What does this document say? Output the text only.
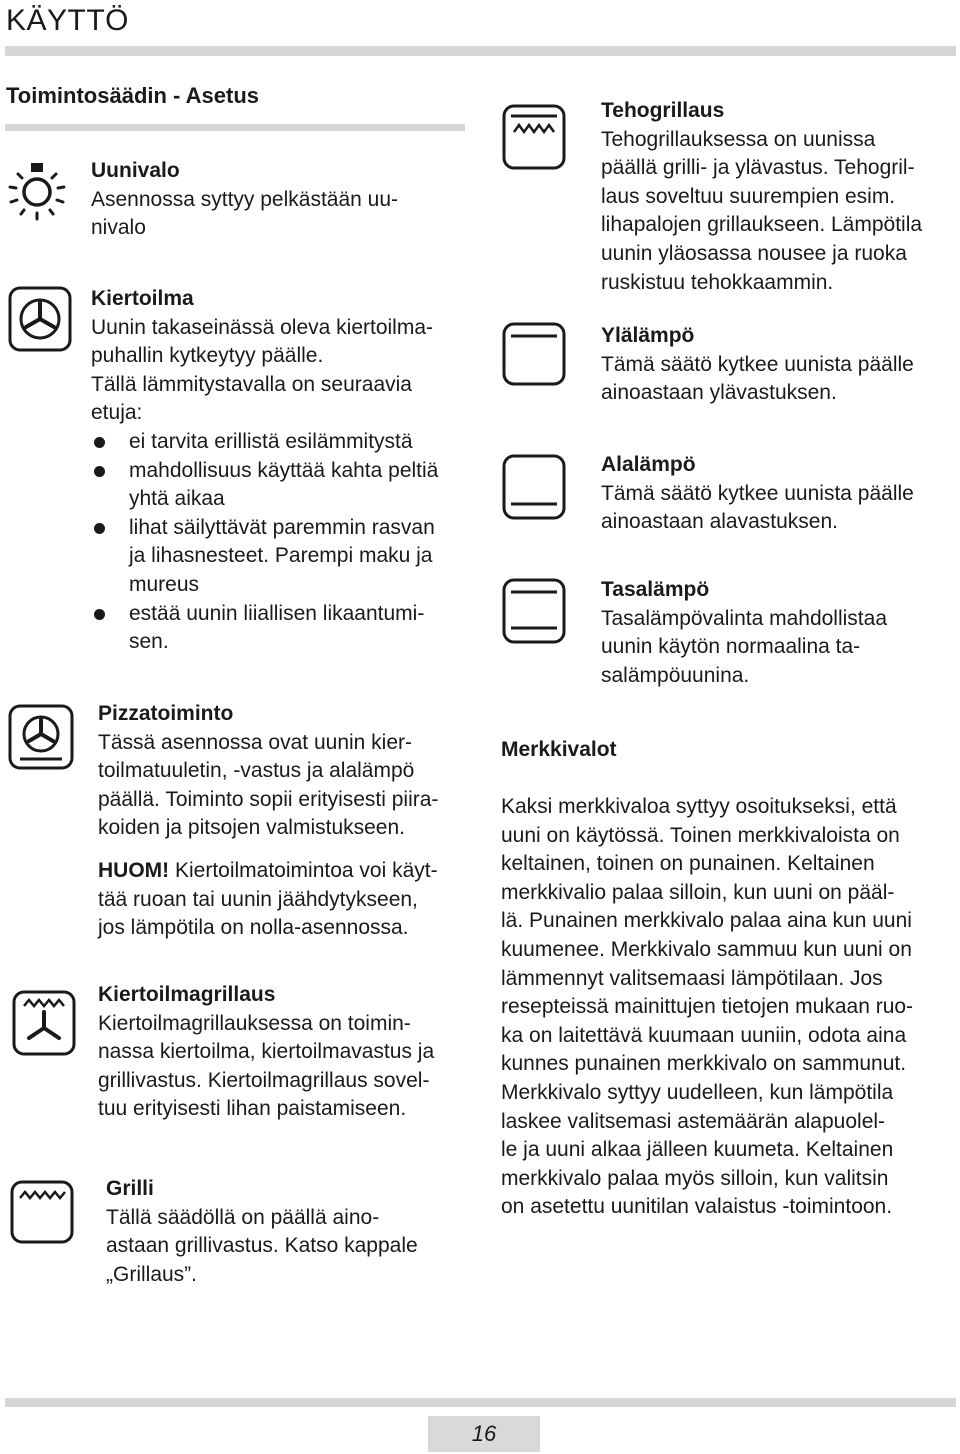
KÄYTTÖ
Toimintosäädin - Asetus

Uunivalo

Asennossa syttyy pelkästään uu-

nivalo

Kiertoilma

Uunin takaseinässä oleva kiertoilma-

puhallin kytkeytyy päälle.

Tällä lämmitystavalla on seuraavia

etuja:

ei tarvita erillistä esilämmitystä
mahdollisuus käyttää kahta peltiä
yhtä aikaa
lihat säilyttävät paremmin rasvan
ja lihasnesteet. Parempi maku ja
mureus
estää uunin liiallisen likaantumi-
sen.

Pizzatoiminto

Tässä asennossa ovat uunin kier-

toilmatuuletin, -vastus ja alalämpö

päällä. Toiminto sopii erityisesti piira-

koiden ja pitsojen valmistukseen.

HUOM! Kiertoilmatoimintoa voi käyt-

tää ruoan tai uunin jäähdytykseen,

jos lämpötila on nolla-asennossa.

Kiertoilmagrillaus

Kiertoilmagrillauksessa on toimin-

nassa kiertoilma, kiertoilmavastus ja

grillivastus. Kiertoilmagrillaus sovel-

tuu erityisesti lihan paistamiseen.

Grilli

Tällä säädöllä on päällä aino-

astaan grillivastus. Katso kappale

„Grillaus”.

Tehogrillaus

Tehogrillauksessa on uunissa

päällä grilli- ja ylävastus. Tehogril-

laus soveltuu suurempien esim.

lihapalojen grillaukseen. Lämpötila

uunin yläosassa nousee ja ruoka

ruskistuu tehokkaammin.

Ylälämpö

Tämä säätö kytkee uunista päälle

ainoastaan ylävastuksen.

Alalämpö

Tämä säätö kytkee uunista päälle

ainoastaan alavastuksen.

Tasalämpö

Tasalämpövalinta mahdollistaa

uunin käytön normaalina ta-

salämpöuunina.

Merkkivalot

Kaksi merkkivaloa syttyy osoitukseksi, että

uuni on käytössä. Toinen merkkivaloista on

keltainen, toinen on punainen. Keltainen

merkkivalio palaa silloin, kun uuni on pääl-

lä. Punainen merkkivalo palaa aina kun uuni

kuumenee. Merkkivalo sammuu kun uuni on

lämmennyt valitsemaasi lämpötilaan. Jos

resepteissä mainittujen tietojen mukaan ruo-

ka on laitettävä kuumaan uuniin, odota aina

kunnes punainen merkkivalo on sammunut.

Merkkivalo syttyy uudelleen, kun lämpötila

laskee valitsemasi astemäärän alapuolel-

le ja uuni alkaa jälleen kuumeta. Keltainen

merkkivalo palaa myös silloin, kun valitsin

on asetettu uunitilan valaistus -toimintoon.

16
